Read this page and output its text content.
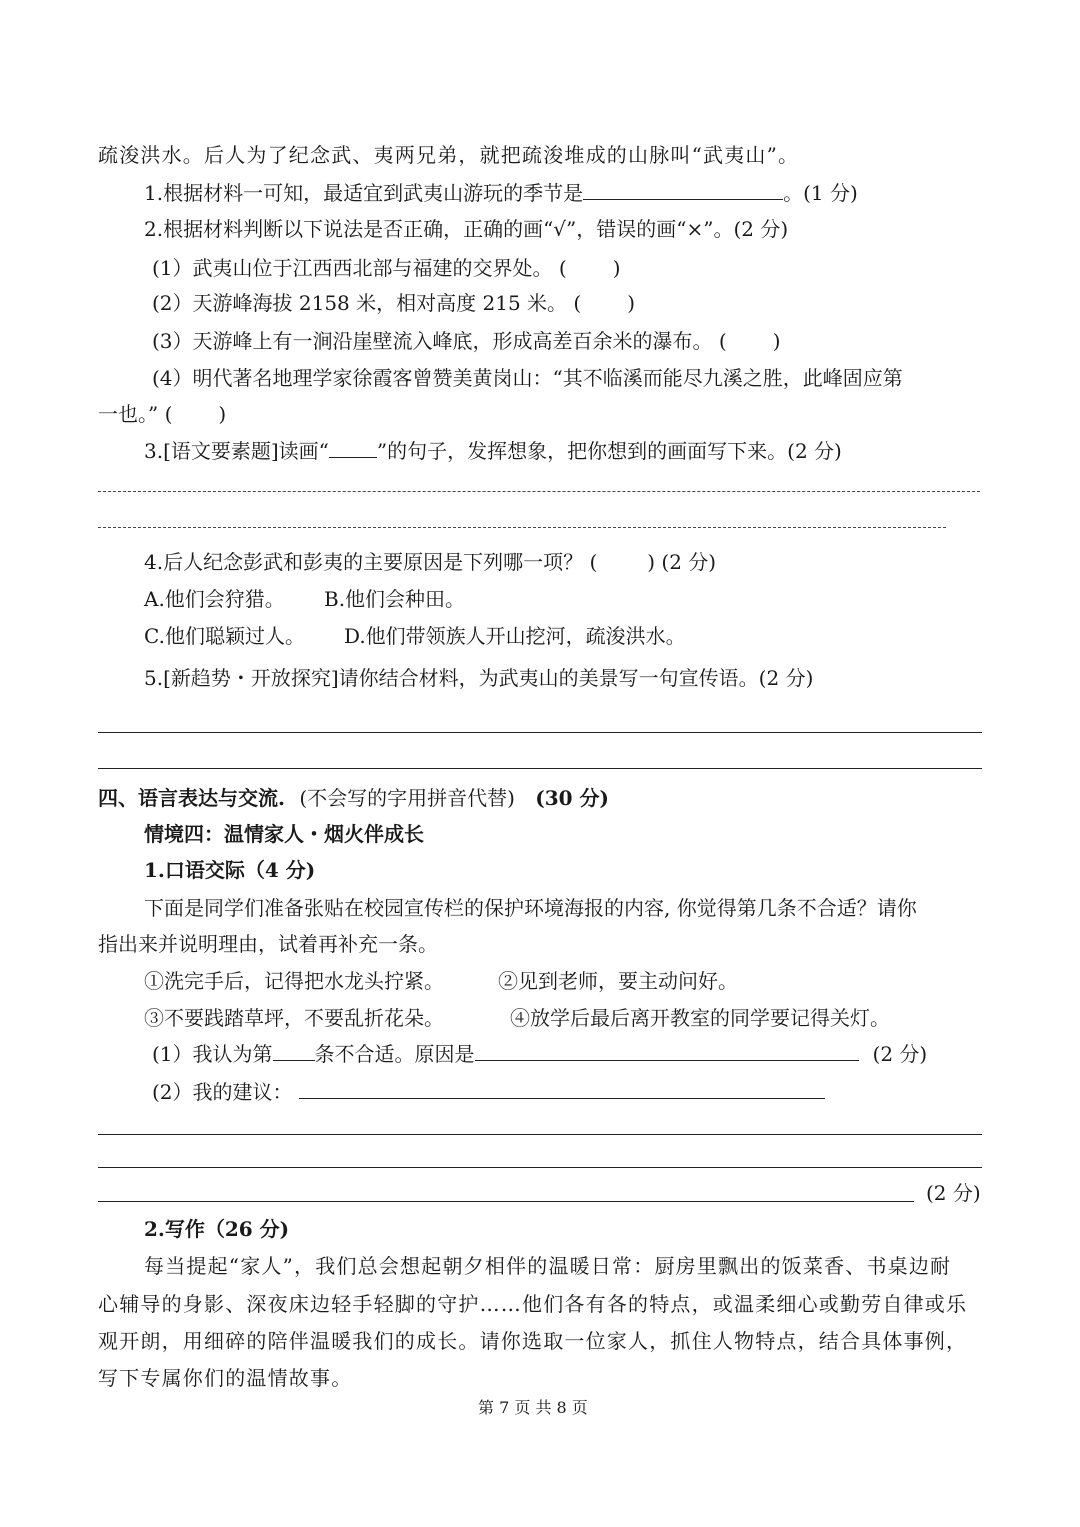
疏浚洪水。后人为了纪念武、夷两兄弟，就把疏浚堆成的山脉叫“武夷山”。
1.根据材料一可知，最适宜到武夷山游玩的季节是	。(1 分)
2.根据材料判断以下说法是否正确，正确的画“√”，错误的画“×”。(2 分)
(1）武夷山位于江西西北部与福建的交界处。 ( )
(2）天游峰海拔 2158 米，相对高度 215 米。 ( )
(3）天游峰上有一涧沿崖壁流入峰底，形成高差百余米的瀑布。 ( )
(4）明代著名地理学家徐霞客曾赞美黄岗山：“其不临溪而能尽九溪之胜，此峰固应第
一也。” ( )
3.[语文要素题]读画“ ”的句子，发挥想象，把你想到的画面写下来。(2 分)
4.后人纪念彭武和彭夷的主要原因是下列哪一项？ (	) (2 分)
A.他们会狩猎。 B.他们会种田。
C.他们聪颖过人。 D.他们带领族人开山挖河，疏浚洪水。
5.[新趋势・开放探究]请你结合材料，为武夷山的美景写一句宣传语。(2 分)
四、语言表达与交流. (不会写的字用拼音代替) (30 分)
情境四：温情家人・烟火伴成长
1.口语交际（4 分)
下面是同学们准备张贴在校园宣传栏的保护环境海报的内容, 你觉得第几条不合适？请你
指出来并说明理由，试着再补充一条。
①洗完手后，记得把水龙头拧紧。	②见到老师，要主动问好。
③不要践踏草坪，不要乱折花朵。	④放学后最后离开教室的同学要记得关灯。
(1）我认为第 条不合适。原因是	(2 分)
(2）我的建议：
(2 分)
2.写作（26 分)
每当提起“家人”，我们总会想起朝夕相伴的温暖日常：厨房里飘出的饭菜香、书桌边耐
心辅导的身影、深夜床边轻手轻脚的守护……他们各有各的特点，或温柔细心或勤劳自律或乐
观开朗，用细碎的陪伴温暖我们的成长。请你选取一位家人，抓住人物特点，结合具体事例，
写下专属你们的温情故事。
第 7 页 共 8 页
